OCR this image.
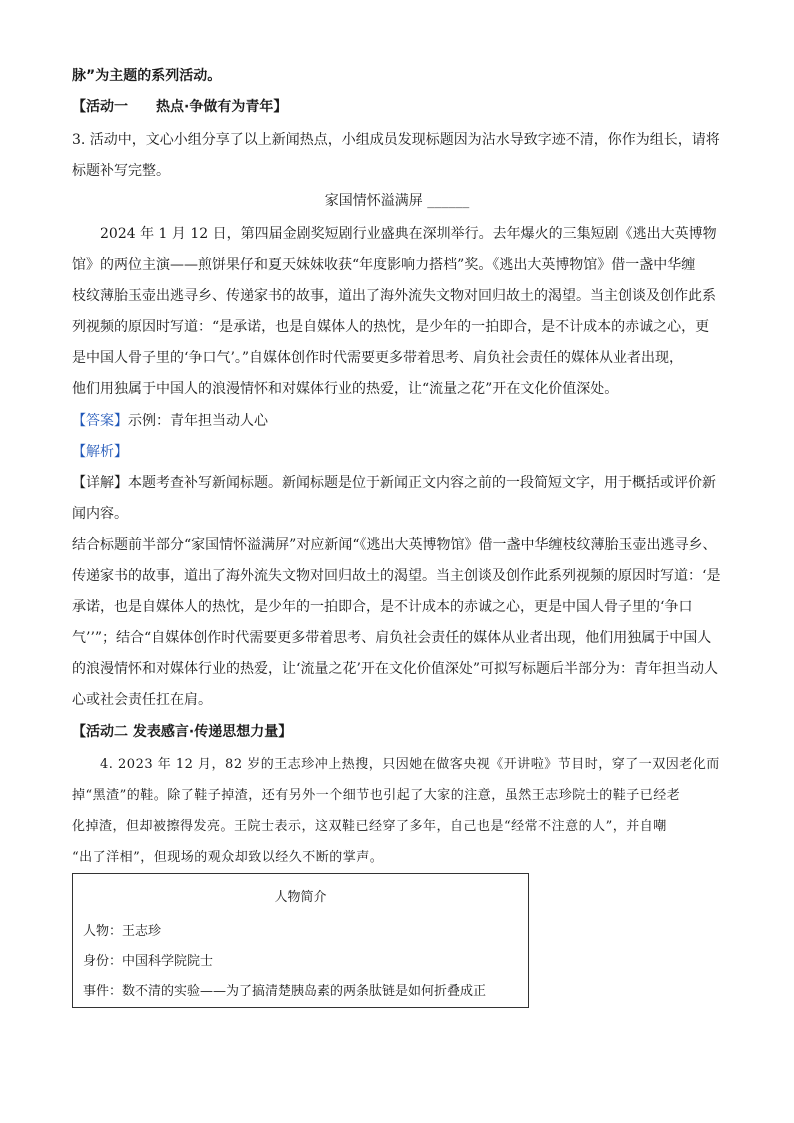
脉”为主题的系列活动。
【活动一　　热点·争做有为青年】
3. 活动中，文心小组分享了以上新闻热点，小组成员发现标题因为沾水导致字迹不清，你作为组长，请将
标题补写完整。
家国情怀溢满屏 ______
2024 年 1 月 12 日，第四届金剧奖短剧行业盛典在深圳举行。去年爆火的三集短剧《逃出大英博物
馆》的两位主演——煎饼果仔和夏天妹妹收获“年度影响力搭档”奖。《逃出大英博物馆》借一盏中华缠
枝纹薄胎玉壶出逃寻乡、传递家书的故事，道出了海外流失文物对回归故土的渴望。当主创谈及创作此系
列视频的原因时写道：“是承诺，也是自媒体人的热忱，是少年的一拍即合，是不计成本的赤诚之心，更
是中国人骨子里的‘争口气’。”自媒体创作时代需要更多带着思考、肩负社会责任的媒体从业者出现，
他们用独属于中国人的浪漫情怀和对媒体行业的热爱，让“流量之花”开在文化价值深处。
【答案】示例：青年担当动人心
【解析】
【详解】本题考查补写新闻标题。新闻标题是位于新闻正文内容之前的一段简短文字，用于概括或评价新
闻内容。
结合标题前半部分“家国情怀溢满屏”对应新闻“《逃出大英博物馆》借一盏中华缠枝纹薄胎玉壶出逃寻乡、
传递家书的故事，道出了海外流失文物对回归故土的渴望。当主创谈及创作此系列视频的原因时写道：‘是
承诺，也是自媒体人的热忱，是少年的一拍即合，是不计成本的赤诚之心，更是中国人骨子里的‘争口
气’’”；结合“自媒体创作时代需要更多带着思考、肩负社会责任的媒体从业者出现，他们用独属于中国人
的浪漫情怀和对媒体行业的热爱，让‘流量之花’开在文化价值深处”可拟写标题后半部分为：青年担当动人
心或社会责任扛在肩。
【活动二 发表感言·传递思想力量】
4. 2023 年 12 月，82 岁的王志珍冲上热搜，只因她在做客央视《开讲啦》节目时，穿了一双因老化而
掉“黑渣”的鞋。除了鞋子掉渣，还有另外一个细节也引起了大家的注意，虽然王志珍院士的鞋子已经老
化掉渣，但却被擦得发亮。王院士表示，这双鞋已经穿了多年，自己也是“经常不注意的人”，并自嘲
“出了洋相”，但现场的观众却致以经久不断的掌声。
人物简介
人物：王志珍
身份：中国科学院院士
事件：数不清的实验——为了搞清楚胰岛素的两条肽链是如何折叠成正
